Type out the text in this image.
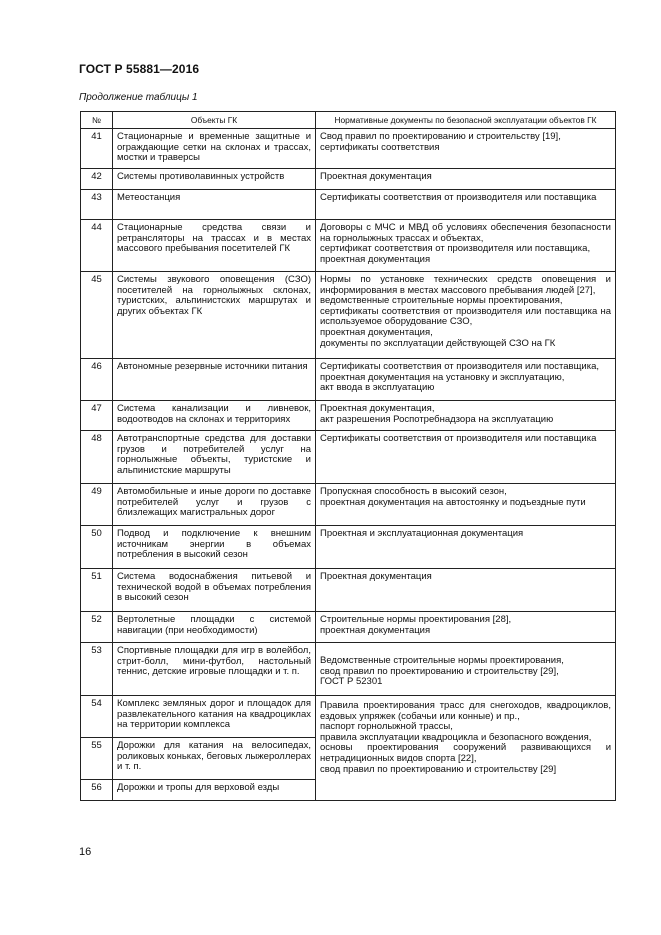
ГОСТ Р 55881—2016
Продолжение таблицы 1
№	Объекты ГК	Нормативные документы по безопасной эксплуатации объектов ГК
41	Стационарные и временные защитные и ограждающие сетки на склонах и трассах, мостки и траверсы	Свод правил по проектированию и строительству [19],
сертификаты соответствия

42	Системы противолавинных устройств	Проектная документация

43	Метеостанция	Сертификаты соответствия от производителя или поставщика

44	Стационарные средства связи и ретрансляторы на трассах и в местах массового пребывания посетителей ГК	Договоры с МЧС и МВД об условиях обеспечения безопасности на горнолыжных трассах и объектах,
сертификат соответствия от производителя или поставщика,
проектная документация

45	Системы звукового оповещения (СЗО) посетителей на горнолыжных склонах, туристских, альпинистских маршрутах и других объектах ГК	Нормы по установке технических средств оповещения и информирования в местах массового пребывания людей [27],
ведомственные строительные нормы проектирования,
сертификаты соответствия от производителя или поставщика на используемое оборудование СЗО,
проектная документация,
документы по эксплуатации действующей СЗО на ГК

46	Автономные резервные источники питания	Сертификаты соответствия от производителя или поставщика,
проектная документация на установку и эксплуатацию,
акт ввода в эксплуатацию

47	Система канализации и ливневок, водоотводов на склонах и территориях	Проектная документация,
акт разрешения Роспотребнадзора на эксплуатацию

48	Автотранспортные средства для доставки грузов и потребителей услуг на горнолыжные объекты, туристские и альпинистские маршруты	Сертификаты соответствия от производителя или поставщика

49	Автомобильные и иные дороги по доставке потребителей услуг и грузов с близлежащих магистральных дорог	Пропускная способность в высокий сезон,
проектная документация на автостоянку и подъездные пути

50	Подвод и подключение к внешним источникам энергии в объемах потребления в высокий сезон	Проектная и эксплуатационная документация

51	Система водоснабжения питьевой и технической водой в объемах потребления в высокий сезон	Проектная документация

52	Вертолетные площадки с системой навигации (при необходимости)	Строительные нормы проектирования [28],
проектная документация

53	Спортивные площадки для игр в волейбол, стрит-болл, мини-футбол, настольный теннис, детские игровые площадки и т. п.	Ведомственные строительные нормы проектирования,
свод правил по проектированию и строительству [29],
ГОСТ Р 52301

54	Комплекс земляных дорог и площадок для развлекательного катания на квадроциклах на территории комплекса	Правила проектирования трасс для снегоходов, квадроциклов, ездовых упряжек (собачьи или конные) и пр.,
паспорт горнолыжной трассы,
правила эксплуатации квадроцикла и безопасного вождения,
основы проектирования сооружений развивающихся и нетрадиционных видов спорта [22],
свод правил по проектированию и строительству [29]

55	Дорожки для катания на велосипедах, роликовых коньках, беговых лыжероллерах и т. п.	
56	Дорожки и тропы для верховой езды	
16
